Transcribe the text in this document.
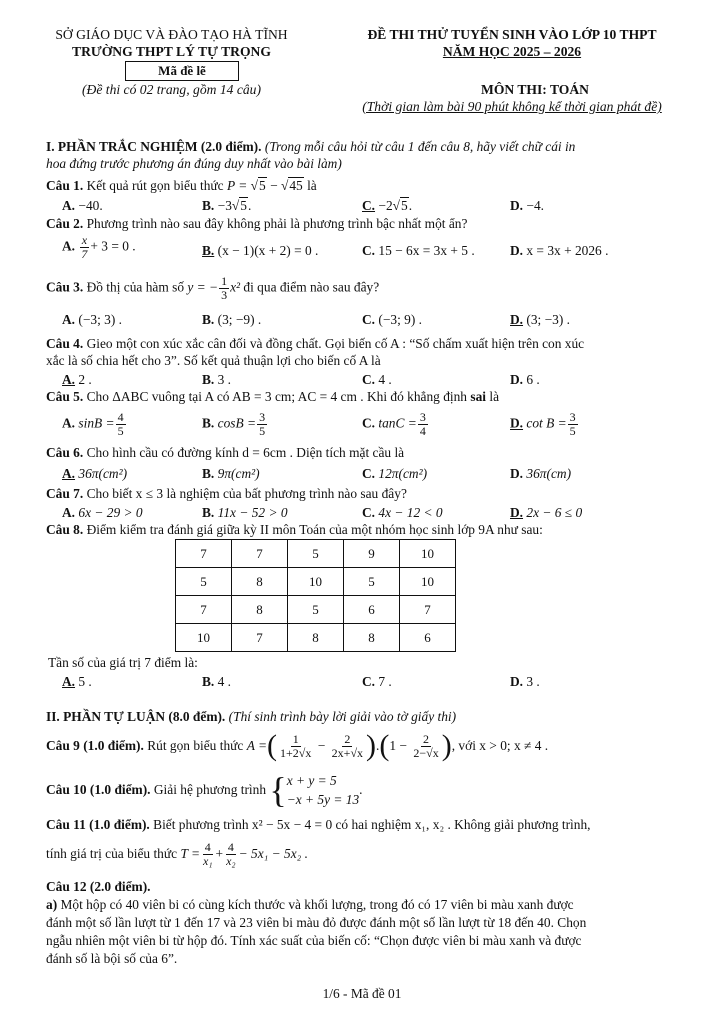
SỞ GIÁO DỤC VÀ ĐÀO TẠO HÀ TĨNH
TRƯỜNG THPT LÝ TỰ TRỌNG
Mã đề lẽ
(Đề thi có 02 trang, gồm 14 câu)
ĐỀ THI THỬ TUYỂN SINH VÀO LỚP 10 THPT
NĂM HỌC 2025 – 2026
MÔN THI: TOÁN
(Thời gian làm bài 90 phút không kể thời gian phát đề)
I. PHẦN TRẮC NGHIỆM (2.0 điểm). (Trong mỗi câu hỏi từ câu 1 đến câu 8, hãy viết chữ cái in
hoa đứng trước phương án đúng duy nhất vào bài làm)
Câu 1. Kết quả rút gọn biểu thức P = √5 − √45 là
A. −40.	B. −3√5.	C. −2√5.	D. −4.
Câu 2. Phương trình nào sau đây không phải là phương trình bậc nhất một ẩn?
A. $\frac{x}{7} + 3 = 0$ .	B. (x − 1)(x + 2) = 0 .	C. 15 − 6x = 3x + 5 .	D. x = 3x + 2026 .
Câu 3. Đồ thị của hàm số y = − $\frac{1}{3} x^2$ đi qua điểm nào sau đây?
A. (−3; 3) .	B. (3; −9) .	C. (−3; 9) .	D. (3; −3) .
Câu 4. Gieo một con xúc xắc cân đối và đồng chất. Gọi biến cố A : “Số chấm xuất hiện trên con xúc
xắc là số chia hết cho 3”. Số kết quả thuận lợi cho biến cố A là
A. 2 .	B. 3 .	C. 4 .	D. 6 .
Câu 5. Cho ΔABC vuông tại A có AB = 3 cm; AC = 4 cm . Khi đó khẳng định sai là
A. $\sin B = \frac{4}{5}$	B. $\cos B = \frac{3}{5}$	C. $\tan C = \frac{3}{4}$	D. $\cot B = \frac{3}{5}$
Câu 6. Cho hình cầu có đường kính d = 6cm . Diện tích mặt cầu là
A. 36π(cm²)	B. 9π(cm²)	C. 12π(cm²)	D. 36π(cm)
Câu 7. Cho biết x ≤ 3 là nghiệm của bất phương trình nào sau đây?
A. 6x − 29 > 0	B. 11x − 52 > 0	C. 4x − 12 < 0	D. 2x − 6 ≤ 0
Câu 8. Điểm kiểm tra đánh giá giữa kỳ II môn Toán của một nhóm học sinh lớp 9A như sau:
7	7	5	9	10
5	8	10	5	10
7	8	5	6	7
10	7	8	8	6
Tần số của giá trị 7 điểm là:
A. 5 .	B. 4 .	C. 7 .	D. 3 .
II. PHẦN TỰ LUẬN (8.0 đểm). (Thí sinh trình bày lời giải vào tờ giấy thi)
Câu 9 (1.0 điểm).
Rút gọn biểu thức
A = ( $\frac{1}{1+2√x}$
−
$\frac{2}{2x+√x}$ ) . ( 1 −
$\frac{2}{2-√x}$ ) , với x > 0; x ≠ 4 .
Câu 10 (1.0 điểm).
Giải hệ phương trình
{ x + y = 5
−x + 5y = 13
.
Câu 11 (1.0 điểm). Biết phương trình x² − 5x − 4 = 0 có hai nghiệm x₁, x₂ . Không giải phương trình,
tính giá trị của biểu thức
$T = \frac{4}{\text{x₁}} + \frac{4}{\text{x₂}} - 5x_1 - 5x_2$ .
Câu 12 (2.0 điểm).
a) Một hộp có 40 viên bi có cùng kích thước và khối lượng, trong đó có 17 viên bi màu xanh được
đánh một số lần lượt từ 1 đến 17 và 23 viên bi màu đỏ được đánh một số lần lượt từ 18 đến 40. Chọn
ngẫu nhiên một viên bi từ hộp đó. Tính xác suất của biến cố: “Chọn được viên bi màu xanh và được
đánh số là bội số của 6”.
1/6 - Mã đề 01
